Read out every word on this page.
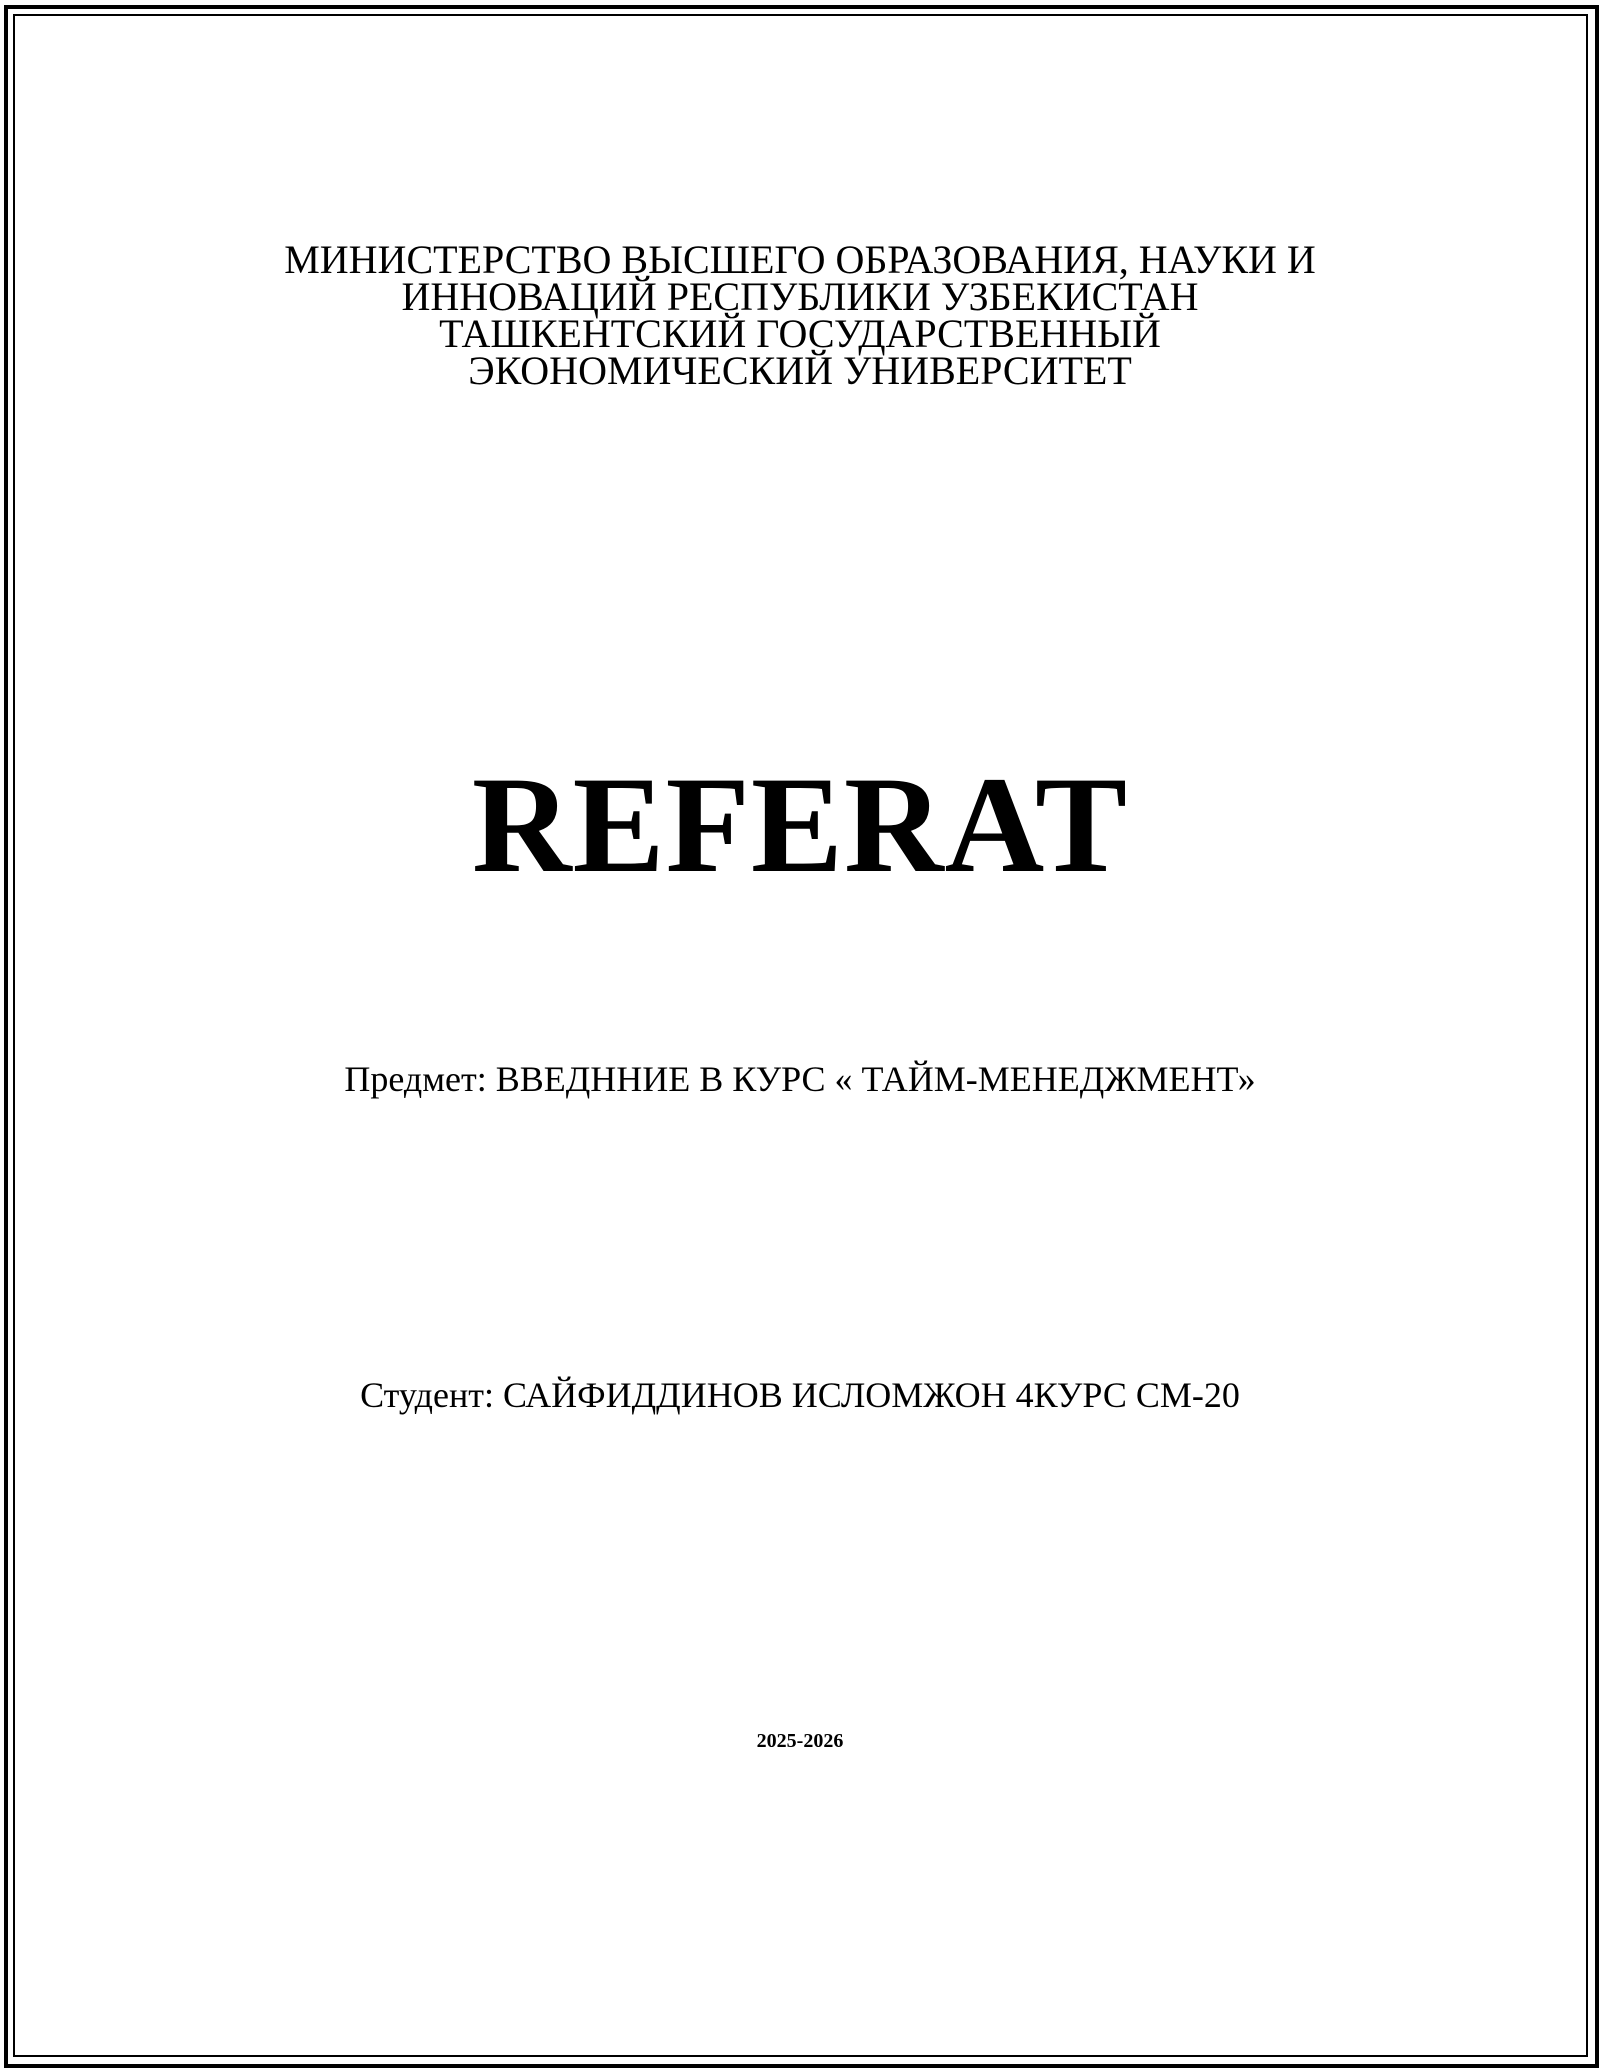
МИНИСТЕРСТВО ВЫСШЕГО ОБРАЗОВАНИЯ, НАУКИ И
ИННОВАЦИЙ РЕСПУБЛИКИ УЗБЕКИСТАН
ТАШКЕНТСКИЙ ГОСУДАРСТВЕННЫЙ
ЭКОНОМИЧЕСКИЙ УНИВЕРСИТЕТ
REFERAT
Предмет: ВВЕДННИЕ В КУРС « ТАЙМ-МЕНЕДЖМЕНТ»
Студент: САЙФИДДИНОВ ИСЛОМЖОН 4КУРС СМ-20
2025-2026
